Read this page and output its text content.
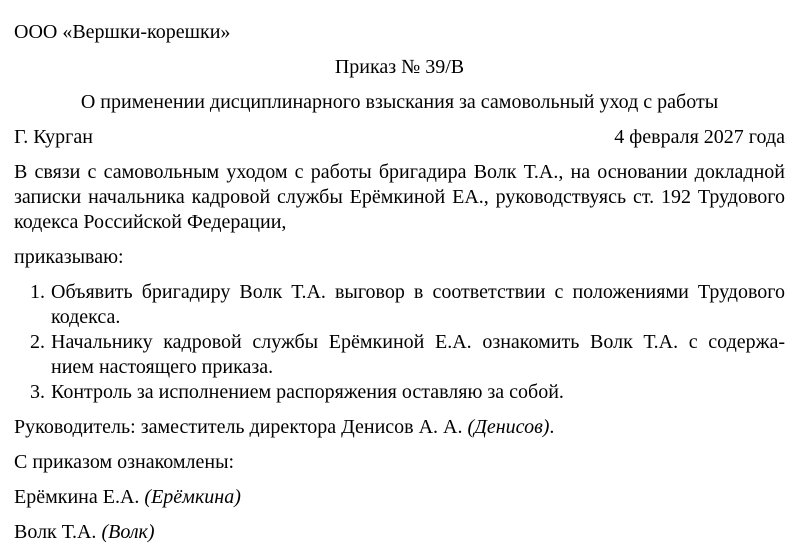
ООО «Вершки-корешки»

Приказ № 39/В

О применении дисциплинарного взыскания за самовольный уход с работы

Г. Курган	4 февраля 2027 года
В связи с самовольным уходом с работы бригадира Волк Т.А., на основании докладной
записки начальника кадровой службы Ерёмкиной ЕА., руководствуясь ст. 192 Трудового
кодекса Российской Федерации,

приказываю:

1. Объявить бригадиру Волк Т.А. выговор в соответствии с положениями Трудового
кодекса.
2. Начальнику кадровой службы Ерёмкиной Е.А. ознакомить Волк Т.А. с содержа-
нием настоящего приказа.
3. Контроль за исполнением распоряжения оставляю за собой.

Руководитель: заместитель директора Денисов А. А. (Денисов).

С приказом ознакомлены:

Ерёмкина Е.А. (Ерёмкина)

Волк Т.А. (Волк)
